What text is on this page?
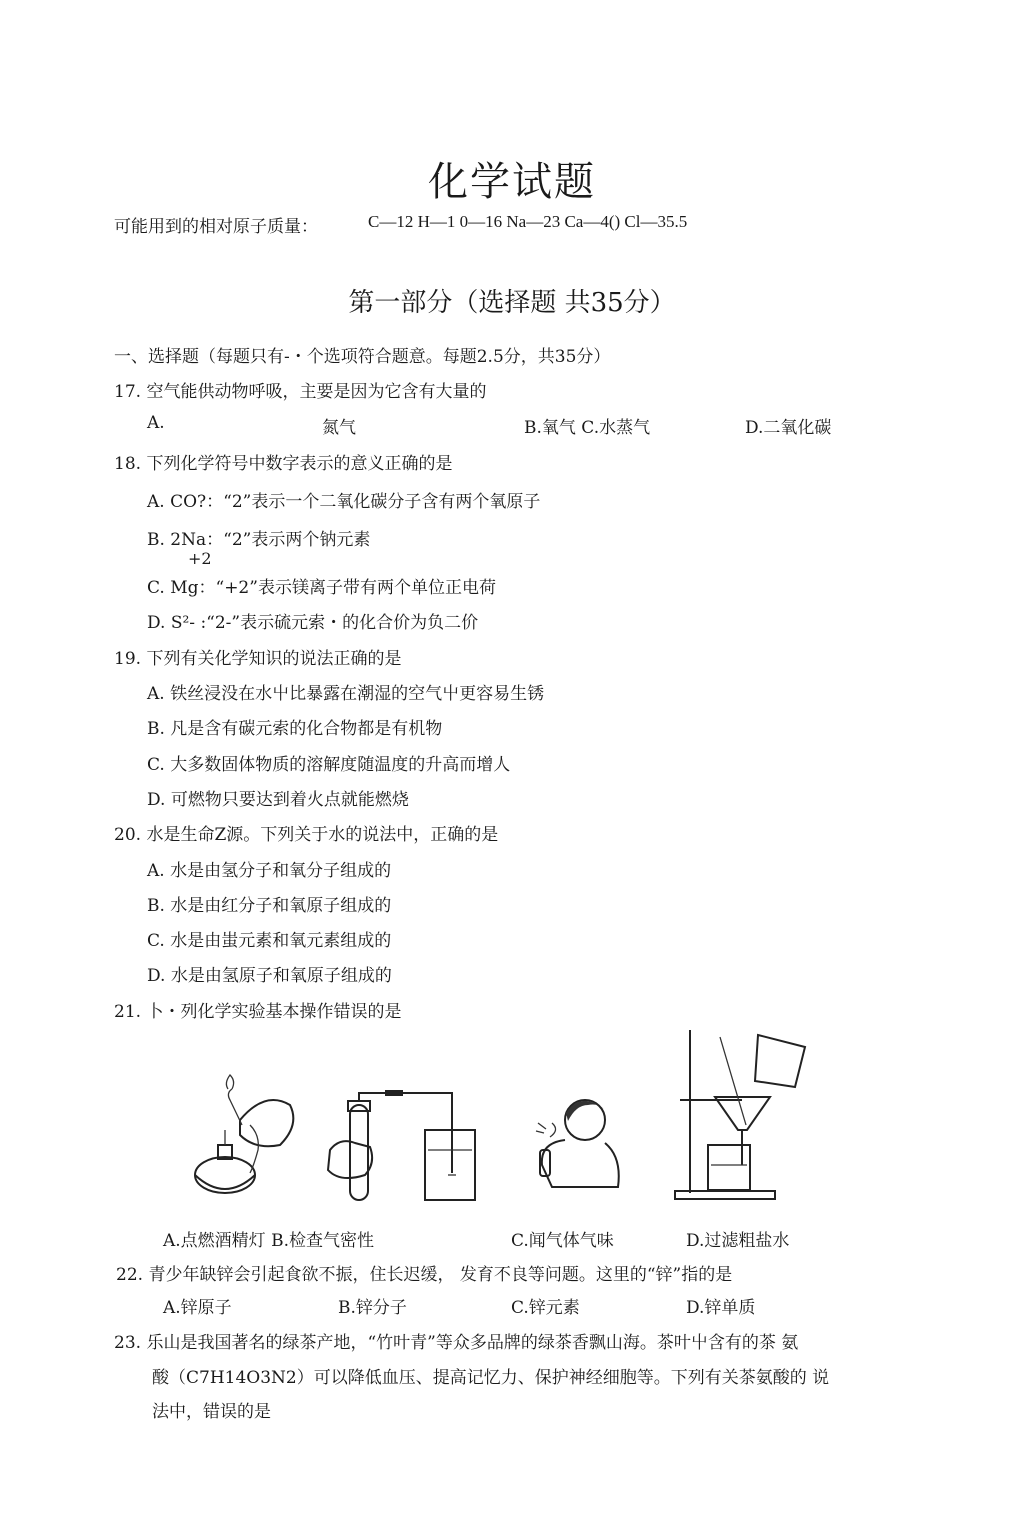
化学试题
可能用到的相对原子质量：	C—12 H—1 0—16 Na—23 Ca—4() Cl—35.5
第一部分（选择题 共35分）
一、选择题（每题只有-・个选项符合题意。每题2.5分，共35分）
17. 空气能供动物呼吸，主要是因为它含有大量的
A.	氮气	B.氧气 C.水蒸气	D.二氧化碳
18. 下列化学符号中数字表示的意义正确的是
A. CO?：“2”表示一个二氧化碳分子含有两个氧原子
B. 2Na：“2”表示两个钠元素
+2
C. Mg：“+2”表示镁离子带有两个单位正电荷
D. S²- :“2-”表示硫元索・的化合价为负二价
19. 下列有关化学知识的说法正确的是
A. 铁丝浸没在水屮比暴露在潮湿的空气屮更容易生锈
B. 凡是含有碳元索的化合物都是有机物
C. 大多数固体物质的溶解度随温度的升高而增人
D. 可燃物只要达到着火点就能燃烧
20. 水是生命Z源。下列关于水的说法中，正确的是
A. 水是由氢分子和氧分子组成的
B. 水是由红分子和氧原子组成的
C. 水是由蚩元素和氧元素组成的
D. 水是由氢原子和氧原子组成的
21. 卜・列化学实验基本操作错误的是
A.点燃酒精灯 B.检查气密性	C.闻气体气味	D.过滤粗盐水
22. 青少年缺锌会引起食欲不振，住长迟缓， 发育不良等问题。这里的“锌”指的是
A.锌原子	B.锌分子	C.锌元素	D.锌单质
23. 乐山是我国著名的绿茶产地，“竹叶青”等众多品牌的绿茶香飘山海。茶叶屮含有的茶 氨
酸（C7H14O3N2）可以降低血压、提高记忆力、保护神经细胞等。下列有关茶氨酸的 说
法中，错误的是
